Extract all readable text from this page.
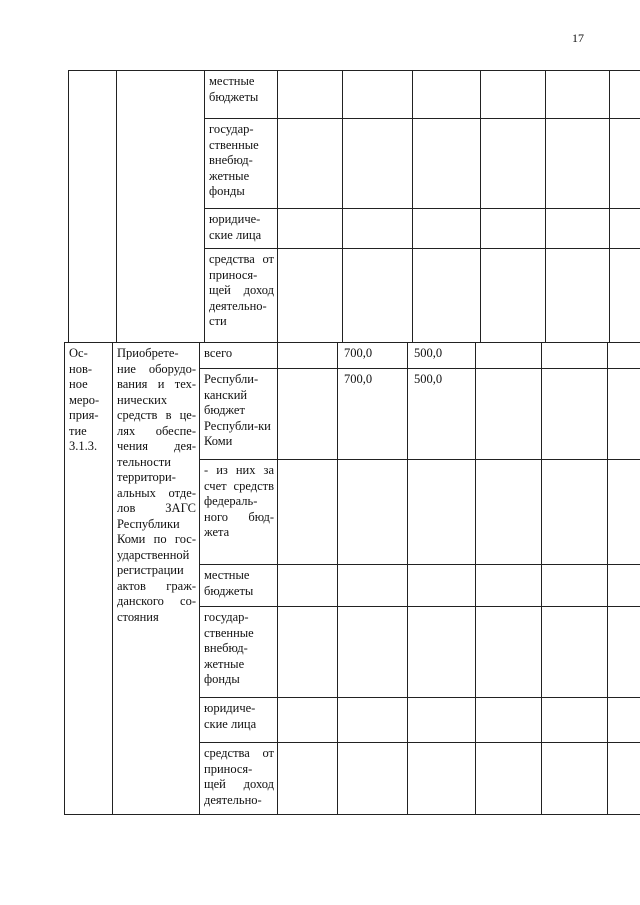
17
		местные бюджеты						
		государ-ственные внебюд-жетные фонды						
		юридиче-ские лица						
		средства от принося-щей доход деятельно-сти						
Ос-нов-ное меро-прия-тие 3.1.3.	Приобрете-ние оборудо-вания и тех-нических средств в це-лях обеспе-чения дея-тельности территори-альных отде-лов ЗАГС Республики Коми по гос-ударственной регистрации актов граж-данского со-стояния	всего		700,0	500,0			
		Республи-канский бюджет Республи-ки Коми		700,0	500,0			
		- из них за счет средств федераль-ного бюд-жета						
		местные бюджеты						
		государ-ственные внебюд-жетные фонды						
		юридиче-ские лица						
		средства от принося-щей доход деятельно-						
